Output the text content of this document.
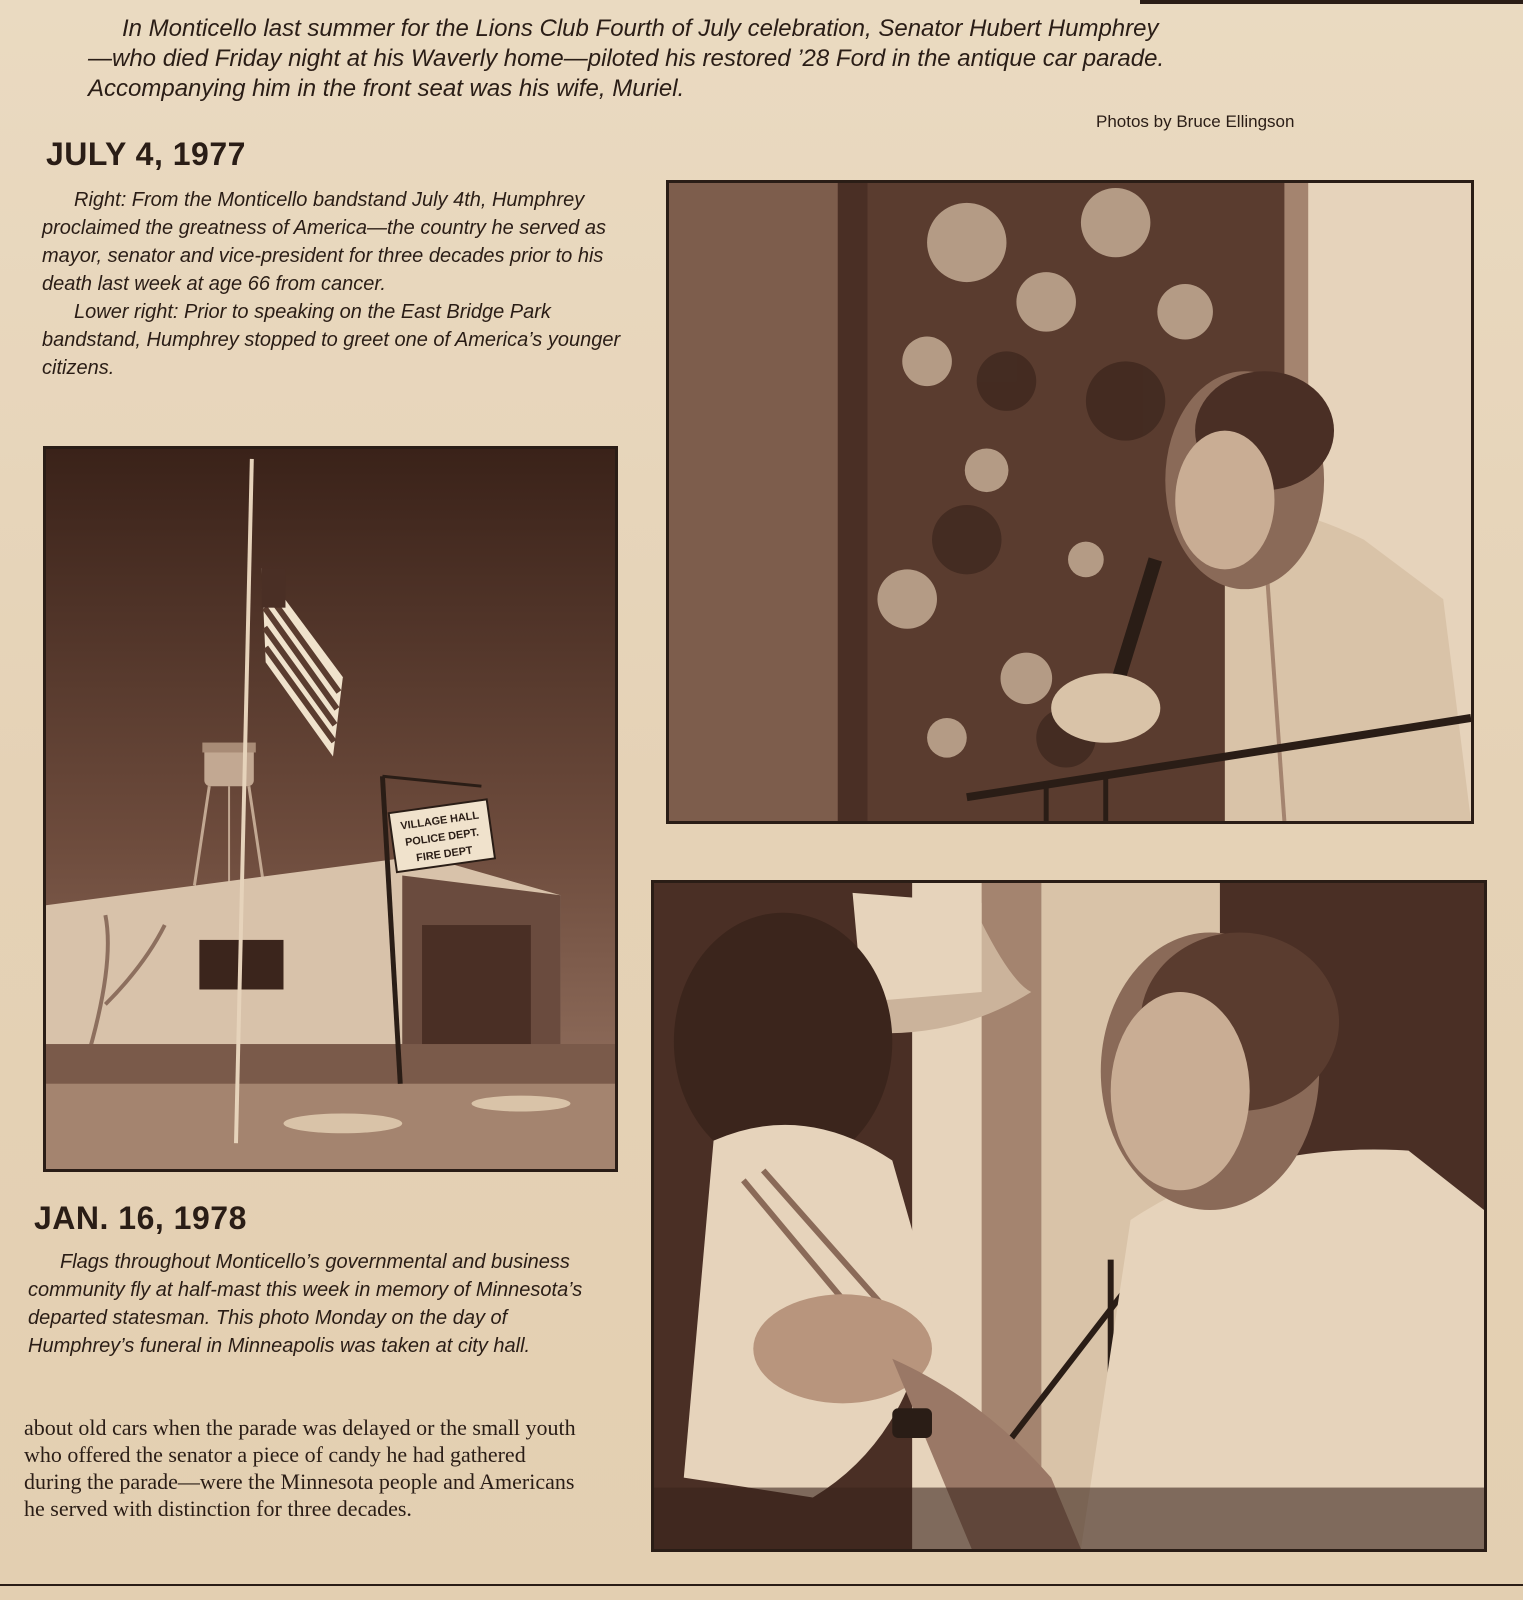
In Monticello last summer for the Lions Club Fourth of July celebration, Senator Hubert Humphrey

—who died Friday night at his Waverly home—piloted his restored ’28 Ford in the antique car parade.

Accompanying him in the front seat was his wife, Muriel.

Photos by Bruce Ellingson
JULY 4, 1977

Right: From the Monticello bandstand July 4th, Humphrey proclaimed the greatness of America—the country he served as mayor, senator and vice-president for three decades prior to his death last week at age 66 from cancer.

Lower right: Prior to speaking on the East Bridge Park bandstand, Humphrey stopped to greet one of America’s younger citizens.

VILLAGE HALL
POLICE DEPT.
FIRE DEPT
JAN. 16, 1978

Flags throughout Monticello’s governmental and business community fly at half-mast this week in memory of Minnesota’s departed statesman. This photo Monday on the day of Humphrey’s funeral in Minneapolis was taken at city hall.

about old cars when the parade was delayed or the small youth who offered the senator a piece of candy he had gathered during the parade—were the Minnesota people and Americans he served with distinction for three decades.
